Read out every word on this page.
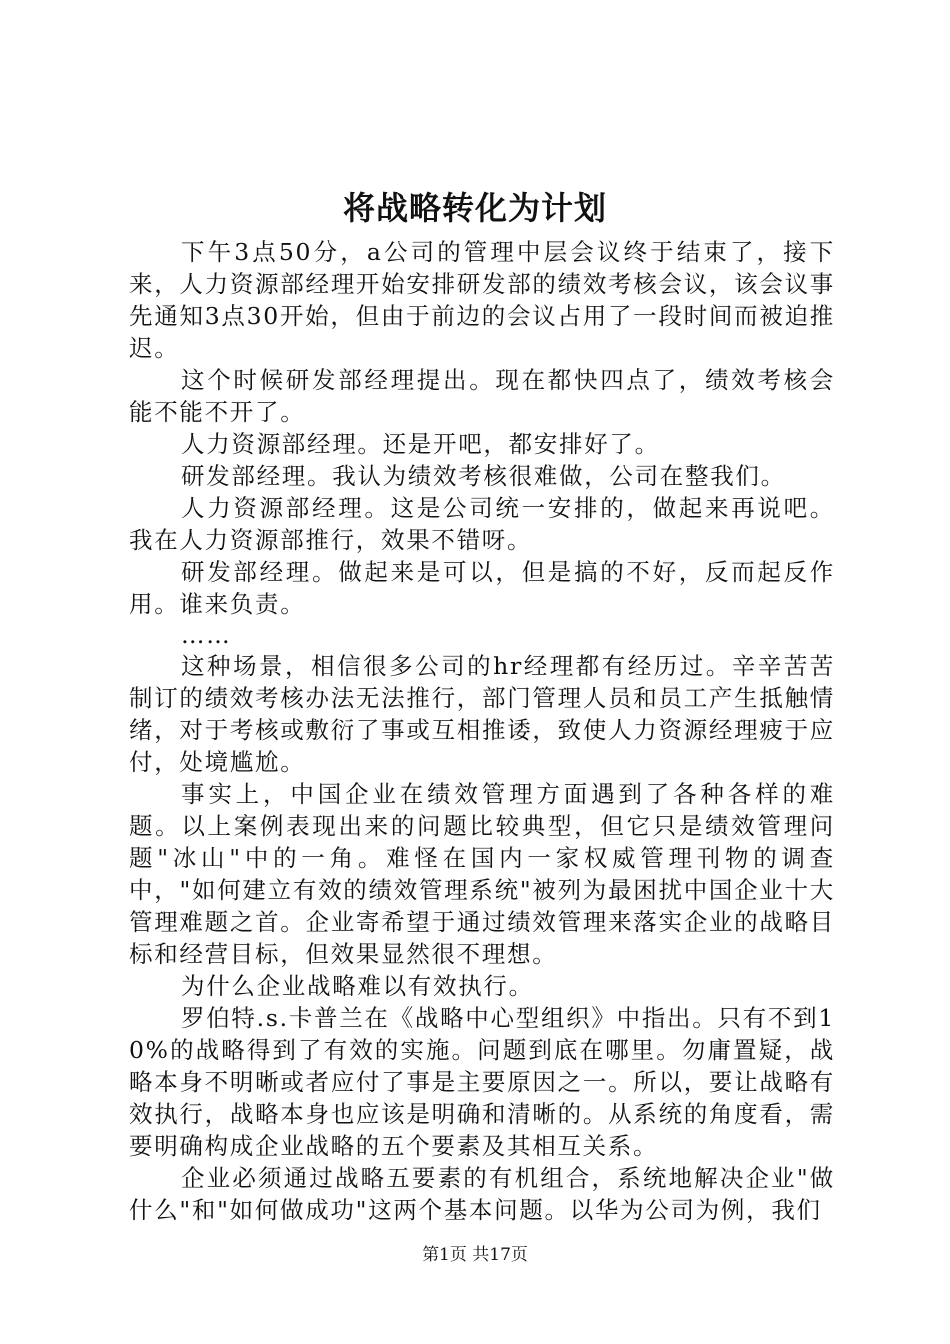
将战略转化为计划

下午3点50分，a公司的管理中层会议终于结束了，接下来，人力资源部经理开始安排研发部的绩效考核会议，该会议事先通知3点30开始，但由于前边的会议占用了一段时间而被迫推迟。

这个时候研发部经理提出。现在都快四点了，绩效考核会能不能不开了。

人力资源部经理。还是开吧，都安排好了。

研发部经理。我认为绩效考核很难做，公司在整我们。

人力资源部经理。这是公司统一安排的，做起来再说吧。我在人力资源部推行，效果不错呀。

研发部经理。做起来是可以，但是搞的不好，反而起反作用。谁来负责。

……

这种场景，相信很多公司的hr经理都有经历过。辛辛苦苦制订的绩效考核办法无法推行，部门管理人员和员工产生抵触情绪，对于考核或敷衍了事或互相推诿，致使人力资源经理疲于应付，处境尴尬。

事实上，中国企业在绩效管理方面遇到了各种各样的难题。以上案例表现出来的问题比较典型，但它只是绩效管理问题"冰山"中的一角。难怪在国内一家权威管理刊物的调查中，"如何建立有效的绩效管理系统"被列为最困扰中国企业十大管理难题之首。企业寄希望于通过绩效管理来落实企业的战略目标和经营目标，但效果显然很不理想。

为什么企业战略难以有效执行。

罗伯特.s.卡普兰在《战略中心型组织》中指出。只有不到10%的战略得到了有效的实施。问题到底在哪里。勿庸置疑，战略本身不明晰或者应付了事是主要原因之一。所以，要让战略有效执行，战略本身也应该是明确和清晰的。从系统的角度看，需要明确构成企业战略的五个要素及其相互关系。

企业必须通过战略五要素的有机组合，系统地解决企业"做什么"和"如何做成功"这两个基本问题。以华为公司为例，我们

第1页 共17页
